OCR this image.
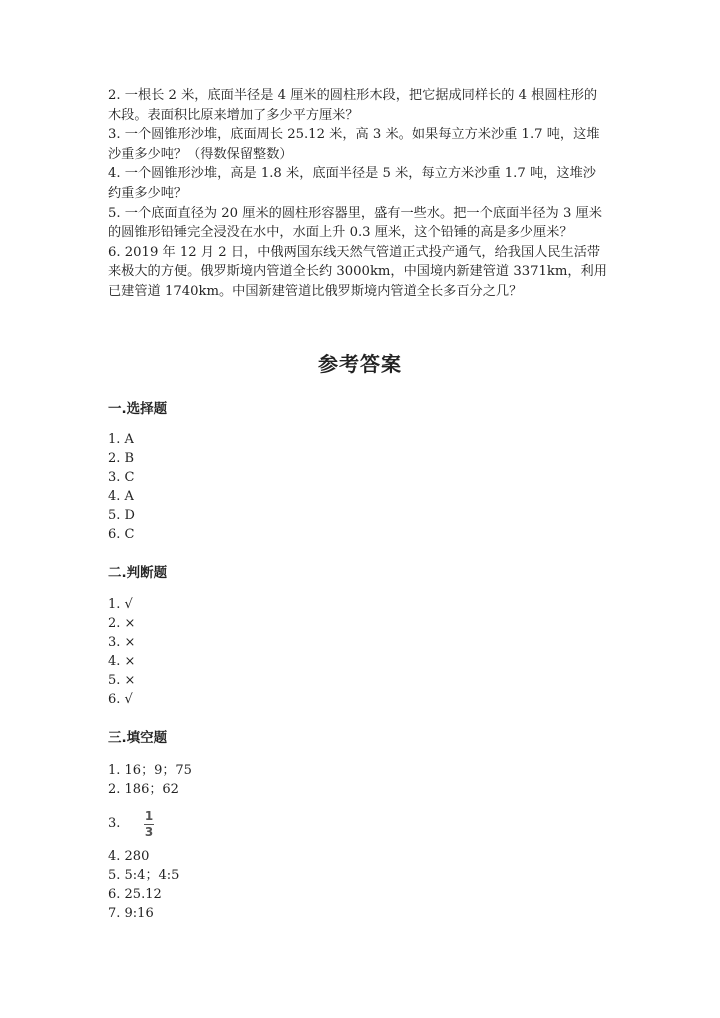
2. 一根长 2 米，底面半径是 4 厘米的圆柱形木段，把它据成同样长的 4 根圆柱形的木段。表面积比原来增加了多少平方厘米？

3. 一个圆锥形沙堆，底面周长 25.12 米，高 3 米。如果每立方米沙重 1.7 吨，这堆沙重多少吨？（得数保留整数）

4. 一个圆锥形沙堆，高是 1.8 米，底面半径是 5 米，每立方米沙重 1.7 吨，这堆沙约重多少吨？

5. 一个底面直径为 20 厘米的圆柱形容器里，盛有一些水。把一个底面半径为 3 厘米的圆锥形铅锤完全浸没在水中，水面上升 0.3 厘米，这个铅锤的高是多少厘米？

6. 2019 年 12 月 2 日，中俄两国东线天然气管道正式投产通气，给我国人民生活带来极大的方便。俄罗斯境内管道全长约 3000km，中国境内新建管道 3371km，利用已建管道 1740km。中国新建管道比俄罗斯境内管道全长多百分之几？

参考答案
一.选择题
1. A
2. B
3. C
4. A
5. D
6. C
二.判断题
1. √
2. ×
3. ×
4. ×
5. ×
6. √
三.填空题
1. 16；9；75
2. 186；62
3. 1
3
4. 280
5. 5:4；4:5
6. 25.12
7. 9:16
